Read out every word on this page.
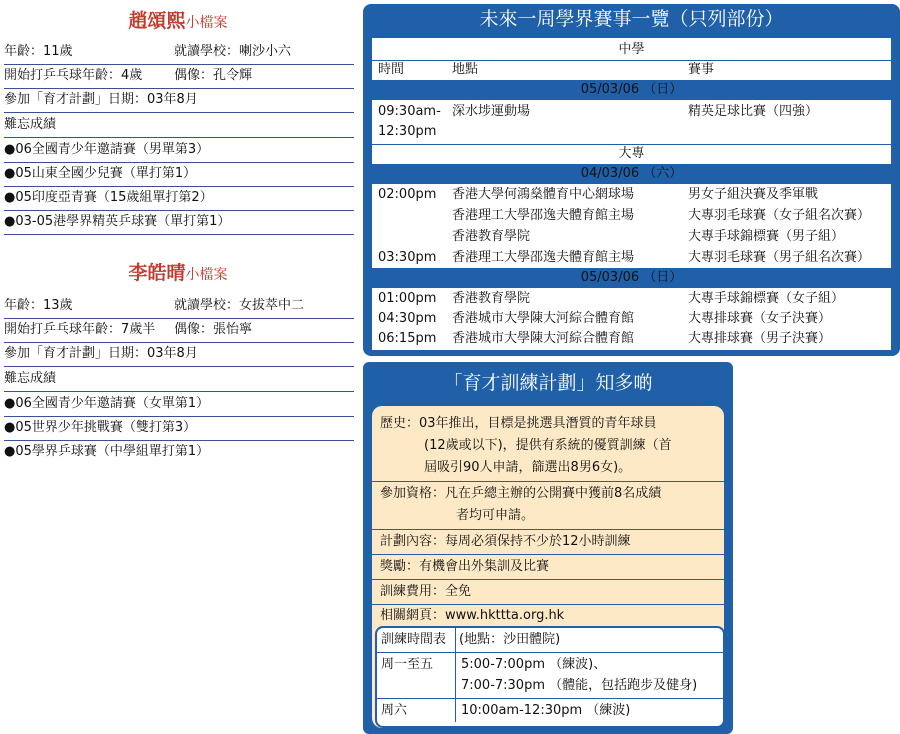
趙頌熙小檔案
年齡：11歲	就讀學校：喇沙小六
開始打乒乓球年齡：4歲 偶像：孔令輝
參加「育才計劃」日期：03年8月
難忘成績
●06全國青少年邀請賽（男單第3）
●05山東全國少兒賽（單打第1）
●05印度亞青賽（15歲組單打第2）
●03-05港學界精英乒球賽（單打第1）
李皓晴小檔案
年齡：13歲	就讀學校：女拔萃中二
開始打乒乓球年齡：7歲半 偶像：張怡寧
參加「育才計劃」日期：03年8月
難忘成績
●06全國青少年邀請賽（女單第1）
●05世界少年挑戰賽（雙打第3）
●05學界乒球賽（中學組單打第1）
未來一周學界賽事一覽（只列部份）
中學
時間	地點	賽事
05/03/06 （日）
09:30am-
12:30pm
深水埗運動場	精英足球比賽（四強）
大專
04/03/06 （六）
02:00pm 香港大學何鴻燊體育中心網球場	男女子組決賽及季軍戰
香港理工大學邵逸夫體育館主場	大專羽毛球賽（女子組名次賽）
香港教育學院	大專手球錦標賽（男子組）
03:30pm 香港理工大學邵逸夫體育館主場	大專羽毛球賽（男子組名次賽）
05/03/06 （日）
01:00pm 香港教育學院	大專手球錦標賽（女子組）
04:30pm 香港城市大學陳大河綜合體育館	大專排球賽（女子決賽）
06:15pm 香港城市大學陳大河綜合體育館	大專排球賽（男子決賽）
「育才訓練計劃」知多啲
歷史：03年推出，目標是挑選具潛質的青年球員
(12歲或以下)，提供有系統的優質訓練（首
屆吸引90人申請，篩選出8男6女)。
參加資格：凡在乒總主辦的公開賽中獲前8名成績
者均可申請。
計劃內容：每周必須保持不少於12小時訓練
獎勵：有機會出外集訓及比賽
訓練費用：全免
相關網頁：www.hkttta.org.hk
訓練時間表 (地點：沙田體院)
周一至五 5:00-7:00pm （練波)、
7:00-7:30pm （體能，包括跑步及健身)
周六	10:00am-12:30pm （練波)
